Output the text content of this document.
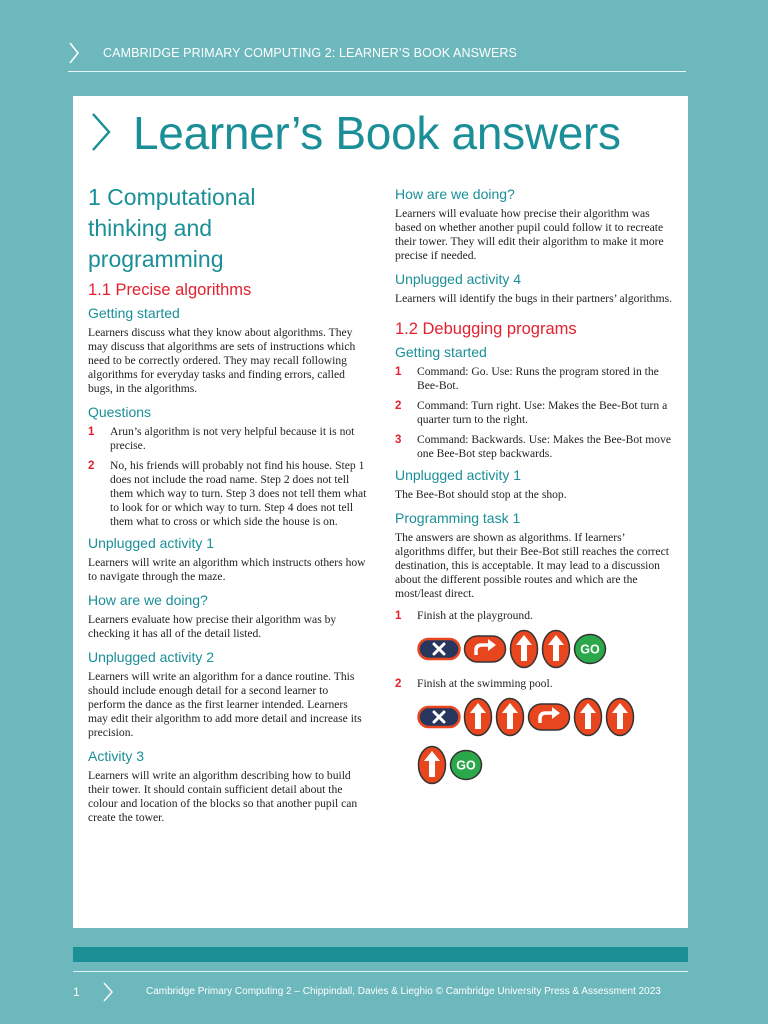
CAMBRIDGE PRIMARY COMPUTING 2: LEARNER’S BOOK ANSWERS
Learner’s Book answers
1 Computational
thinking and
programming
1.1 Precise algorithms
Getting started

Learners discuss what they know about algorithms. They may discuss that algorithms are sets of instructions which need to be correctly ordered. They may recall following algorithms for everyday tasks and finding errors, called bugs, in the algorithms.

Questions
1 Arun’s algorithm is not very helpful because it is not precise.
2 No, his friends will probably not find his house. Step 1 does not include the road name. Step 2 does not tell them which way to turn. Step 3 does not tell them what to look for or which way to turn. Step 4 does not tell them what to cross or which side the house is on.
Unplugged activity 1

Learners will write an algorithm which instructs others how to navigate through the maze.

How are we doing?

Learners evaluate how precise their algorithm was by checking it has all of the detail listed.

Unplugged activity 2

Learners will write an algorithm for a dance routine. This should include enough detail for a second learner to perform the dance as the first learner intended. Learners may edit their algorithm to add more detail and increase its precision.

Activity 3

Learners will write an algorithm describing how to build their tower. It should contain sufficient detail about the colour and location of the blocks so that another pupil can create the tower.

How are we doing?

Learners will evaluate how precise their algorithm was based on whether another pupil could follow it to recreate their tower. They will edit their algorithm to make it more precise if needed.

Unplugged activity 4

Learners will identify the bugs in their partners’ algorithms.

1.2 Debugging programs
Getting started
1 Command: Go. Use: Runs the program stored in the Bee-Bot.
2 Command: Turn right. Use: Makes the Bee-Bot turn a quarter turn to the right.
3 Command: Backwards. Use: Makes the Bee-Bot move one Bee-Bot step backwards.
Unplugged activity 1

The Bee-Bot should stop at the shop.

Programming task 1

The answers are shown as algorithms. If learners’ algorithms differ, but their Bee-Bot still reaches the correct destination, this is acceptable. It may lead to a discussion about the different possible routes and which are the most/least direct.

1 Finish at the playground.
GO
2 Finish at the swimming pool.
GO
1	Cambridge Primary Computing 2 – Chippindall, Davies & Lieghio © Cambridge University Press & Assessment 2023
